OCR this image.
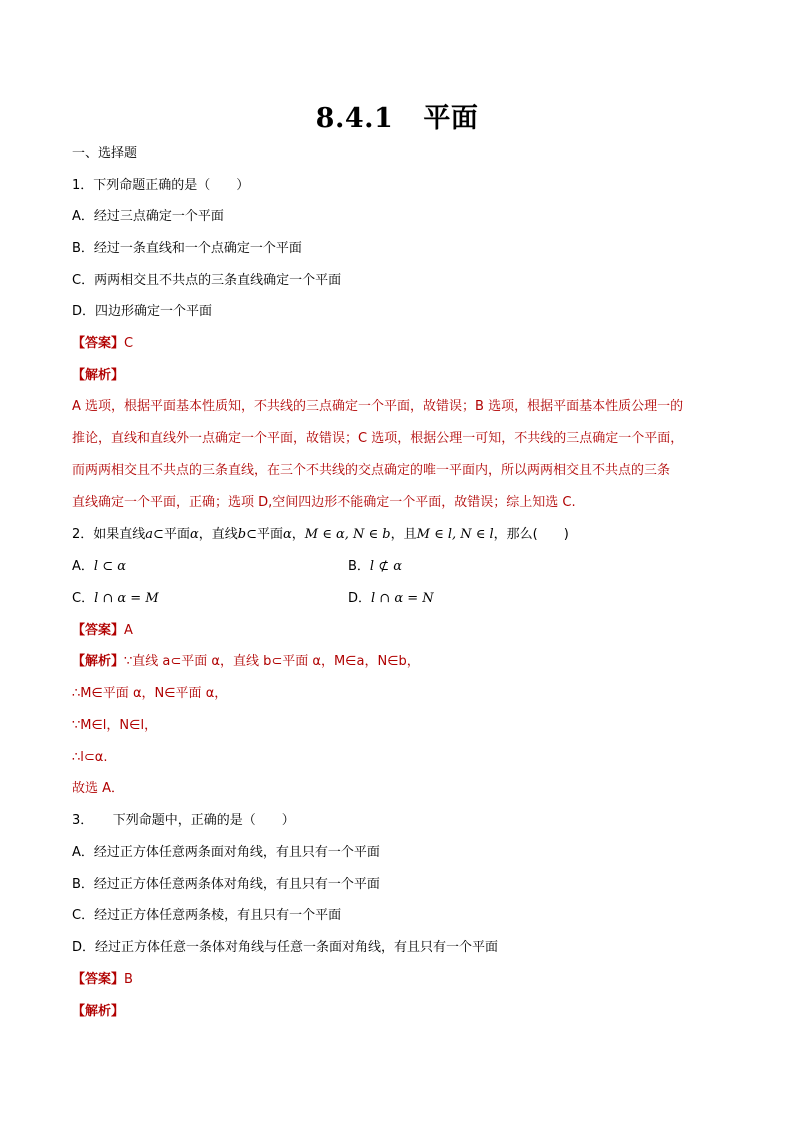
8.4.1 平面
一、选择题
1．下列命题正确的是（　　）
A．经过三点确定一个平面
B．经过一条直线和一个点确定一个平面
C．两两相交且不共点的三条直线确定一个平面
D．四边形确定一个平面
【答案】C
【解析】
A 选项，根据平面基本性质知，不共线的三点确定一个平面，故错误；B 选项，根据平面基本性质公理一的
推论，直线和直线外一点确定一个平面，故错误；C 选项，根据公理一可知，不共线的三点确定一个平面，
而两两相交且不共点的三条直线，在三个不共线的交点确定的唯一平面内，所以两两相交且不共点的三条
直线确定一个平面，正确；选项 D,空间四边形不能确定一个平面，故错误；综上知选 C.
2．如果直线a⊂平面α，直线b⊂平面α，M ∈ α, N ∈ b，且M ∈ l, N ∈ l，那么(　　)
A．l ⊂ α	B．l ⊄ α
C．l ∩ α = M	D．l ∩ α = N
【答案】A
【解析】∵直线 a⊂平面 α，直线 b⊂平面 α，M∈a，N∈b，
∴M∈平面 α，N∈平面 α，
∵M∈l，N∈l，
∴l⊂α.
故选 A．
3．　　下列命题中，正确的是（　　）
A．经过正方体任意两条面对角线，有且只有一个平面
B．经过正方体任意两条体对角线，有且只有一个平面
C．经过正方体任意两条棱，有且只有一个平面
D．经过正方体任意一条体对角线与任意一条面对角线，有且只有一个平面
【答案】B
【解析】
